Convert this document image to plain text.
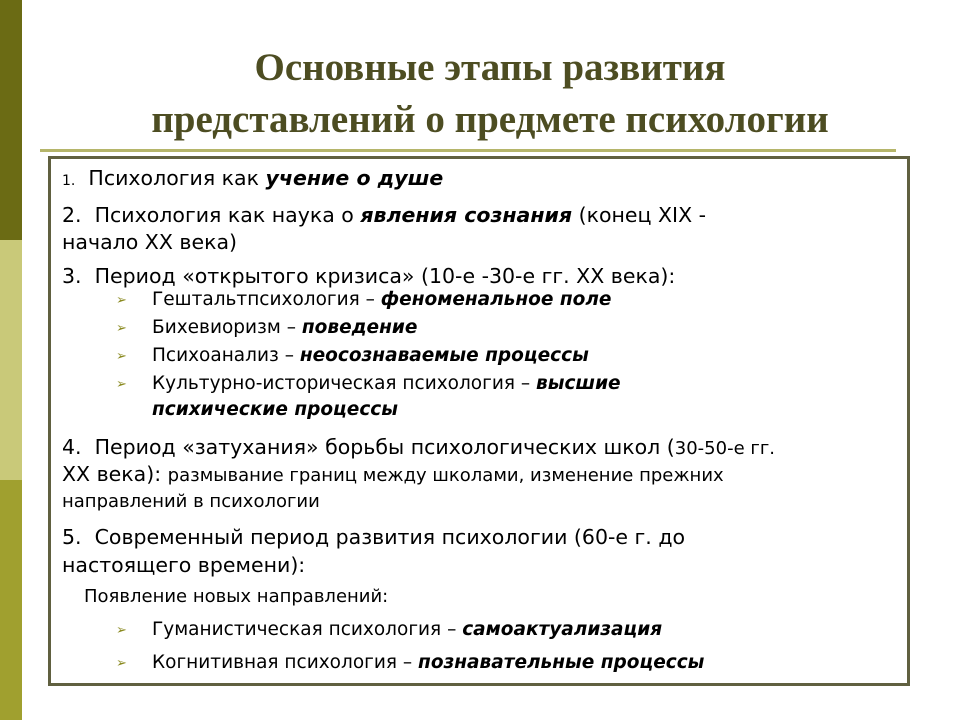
Основные этапы развития
представлений о предмете психологии
1. Психология как учение о душе
2. Психология как наука о явления сознания (конец XIX -
начало XX века)
3. Период «открытого кризиса» (10-е -30-е гг. XX века):
➢ Гештальтпсихология – феноменальное поле
➢ Бихевиоризм – поведение
➢ Психоанализ – неосознаваемые процессы
➢ Культурно-историческая психология – высшие
психические процессы
4. Период «затухания» борьбы психологических школ (30-50-е гг.
XX века): размывание границ между школами, изменение прежних
направлений в психологии
5. Современный период развития психологии (60-е г. до
настоящего времени):
Появление новых направлений:
➢ Гуманистическая психология – самоактуализация
➢ Когнитивная психология – познавательные процессы
